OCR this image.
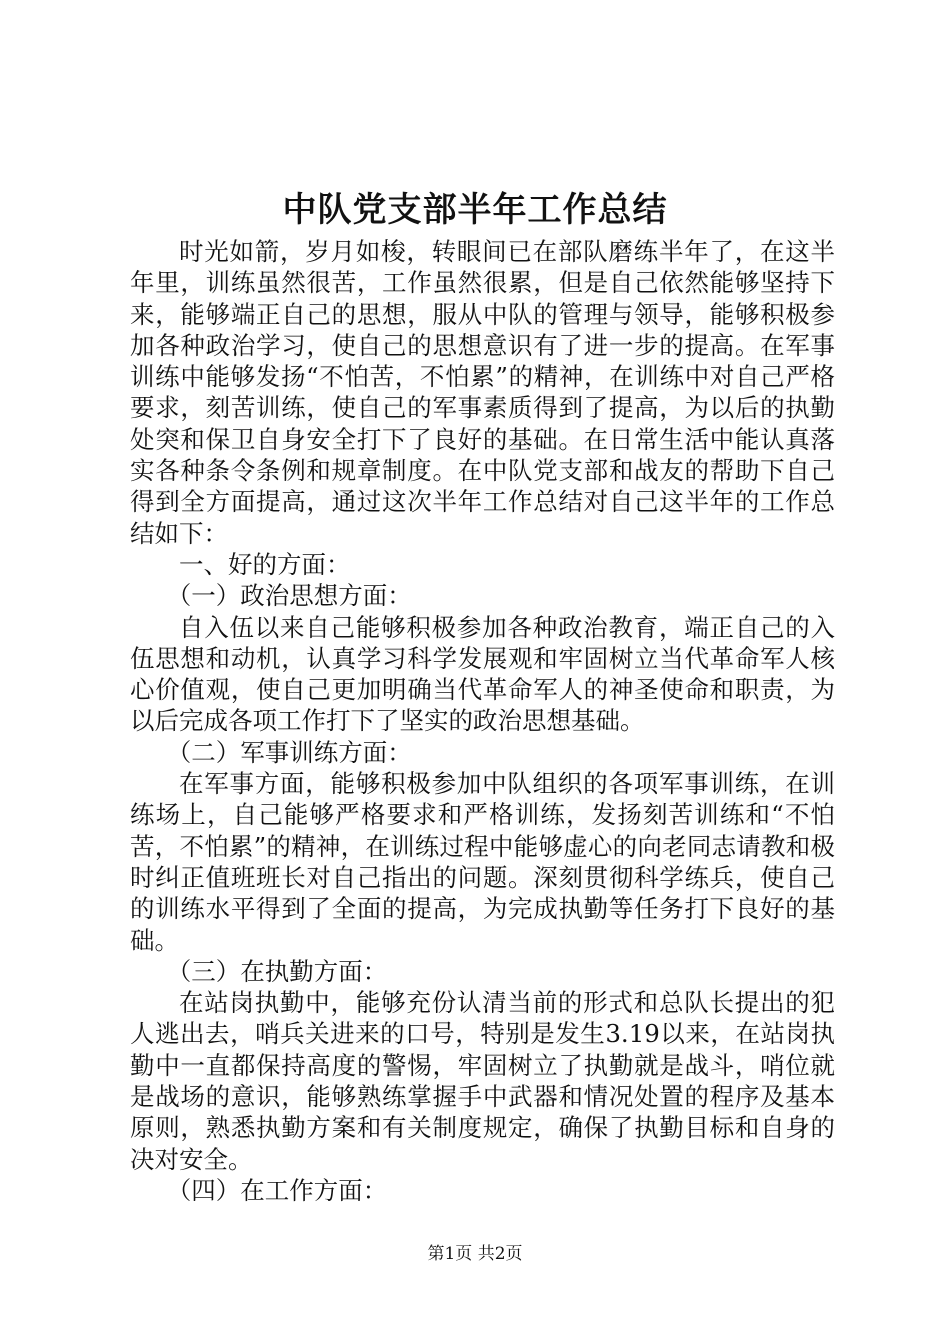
中队党支部半年工作总结

时光如箭，岁月如梭，转眼间已在部队磨练半年了，在这半年里，训练虽然很苦，工作虽然很累，但是自己依然能够坚持下来，能够端正自己的思想，服从中队的管理与领导，能够积极参加各种政治学习，使自己的思想意识有了进一步的提高。在军事训练中能够发扬“不怕苦，不怕累”的精神，在训练中对自己严格要求，刻苦训练，使自己的军事素质得到了提高，为以后的执勤处突和保卫自身安全打下了良好的基础。在日常生活中能认真落实各种条令条例和规章制度。在中队党支部和战友的帮助下自己得到全方面提高，通过这次半年工作总结对自己这半年的工作总结如下：

一、好的方面：

（一）政治思想方面：

自入伍以来自己能够积极参加各种政治教育，端正自己的入伍思想和动机，认真学习科学发展观和牢固树立当代革命军人核心价值观，使自己更加明确当代革命军人的神圣使命和职责，为以后完成各项工作打下了坚实的政治思想基础。

（二）军事训练方面：

在军事方面，能够积极参加中队组织的各项军事训练，在训练场上，自己能够严格要求和严格训练，发扬刻苦训练和“不怕苦，不怕累”的精神，在训练过程中能够虚心的向老同志请教和极时纠正值班班长对自己指出的问题。深刻贯彻科学练兵，使自己的训练水平得到了全面的提高，为完成执勤等任务打下良好的基础。

（三）在执勤方面：

在站岗执勤中，能够充份认清当前的形式和总队长提出的犯人逃出去，哨兵关进来的口号，特别是发生3.19以来，在站岗执勤中一直都保持高度的警惕，牢固树立了执勤就是战斗，哨位就是战场的意识，能够熟练掌握手中武器和情况处置的程序及基本原则，熟悉执勤方案和有关制度规定，确保了执勤目标和自身的决对安全。

（四）在工作方面：

第1页 共2页
